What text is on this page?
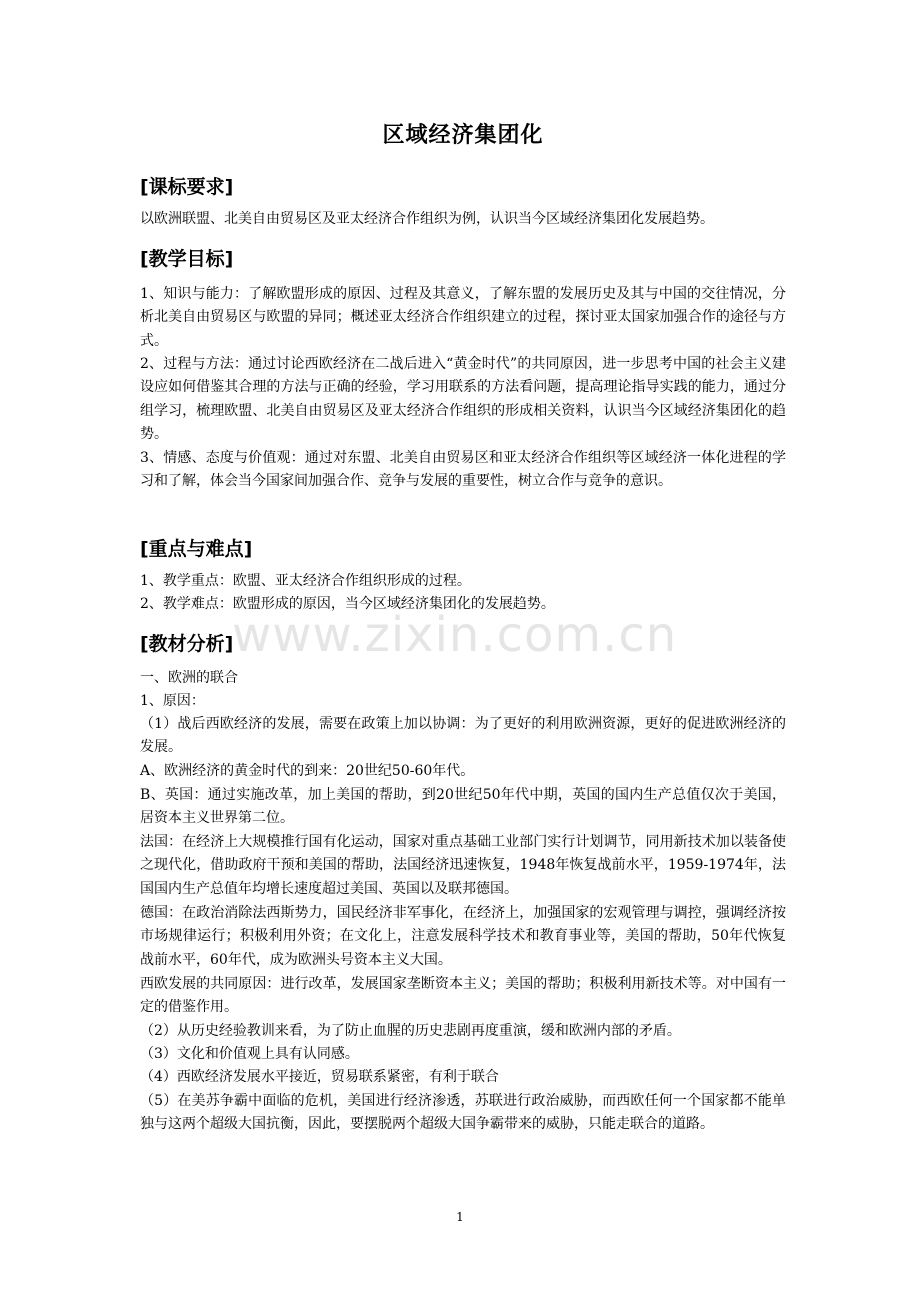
www.zixin.com.cn
区域经济集团化
[课标要求]
以欧洲联盟、北美自由贸易区及亚太经济合作组织为例，认识当今区域经济集团化发展趋势。
[教学目标]
1、知识与能力：了解欧盟形成的原因、过程及其意义，了解东盟的发展历史及其与中国的交往情况，分析北美自由贸易区与欧盟的异同；概述亚太经济合作组织建立的过程，探讨亚太国家加强合作的途径与方式。
2、过程与方法：通过讨论西欧经济在二战后进入“黄金时代”的共同原因，进一步思考中国的社会主义建设应如何借鉴其合理的方法与正确的经验，学习用联系的方法看问题，提高理论指导实践的能力，通过分组学习，梳理欧盟、北美自由贸易区及亚太经济合作组织的形成相关资料，认识当今区域经济集团化的趋势。
3、情感、态度与价值观：通过对东盟、北美自由贸易区和亚太经济合作组织等区域经济一体化进程的学习和了解，体会当今国家间加强合作、竞争与发展的重要性，树立合作与竞争的意识。
[重点与难点]
1、教学重点：欧盟、亚太经济合作组织形成的过程。
2、教学难点：欧盟形成的原因，当今区域经济集团化的发展趋势。
[教材分析]
一、欧洲的联合
1、原因：
（1）战后西欧经济的发展，需要在政策上加以协调：为了更好的利用欧洲资源，更好的促进欧洲经济的发展。
A、欧洲经济的黄金时代的到来：20世纪50-60年代。
B、英国：通过实施改革，加上美国的帮助，到20世纪50年代中期，英国的国内生产总值仅次于美国，居资本主义世界第二位。
法国：在经济上大规模推行国有化运动，国家对重点基础工业部门实行计划调节，同用新技术加以装备使之现代化，借助政府干预和美国的帮助，法国经济迅速恢复，1948年恢复战前水平，1959-1974年，法国国内生产总值年均增长速度超过美国、英国以及联邦德国。
德国：在政治消除法西斯势力，国民经济非军事化，在经济上，加强国家的宏观管理与调控，强调经济按市场规律运行；积极利用外资；在文化上，注意发展科学技术和教育事业等，美国的帮助，50年代恢复战前水平，60年代，成为欧洲头号资本主义大国。
西欧发展的共同原因：进行改革，发展国家垄断资本主义；美国的帮助；积极利用新技术等。对中国有一定的借鉴作用。
（2）从历史经验教训来看，为了防止血腥的历史悲剧再度重演，缓和欧洲内部的矛盾。
（3）文化和价值观上具有认同感。
（4）西欧经济发展水平接近，贸易联系紧密，有利于联合
（5）在美苏争霸中面临的危机，美国进行经济渗透，苏联进行政治威胁，而西欧任何一个国家都不能单独与这两个超级大国抗衡，因此，要摆脱两个超级大国争霸带来的威胁，只能走联合的道路。
1
